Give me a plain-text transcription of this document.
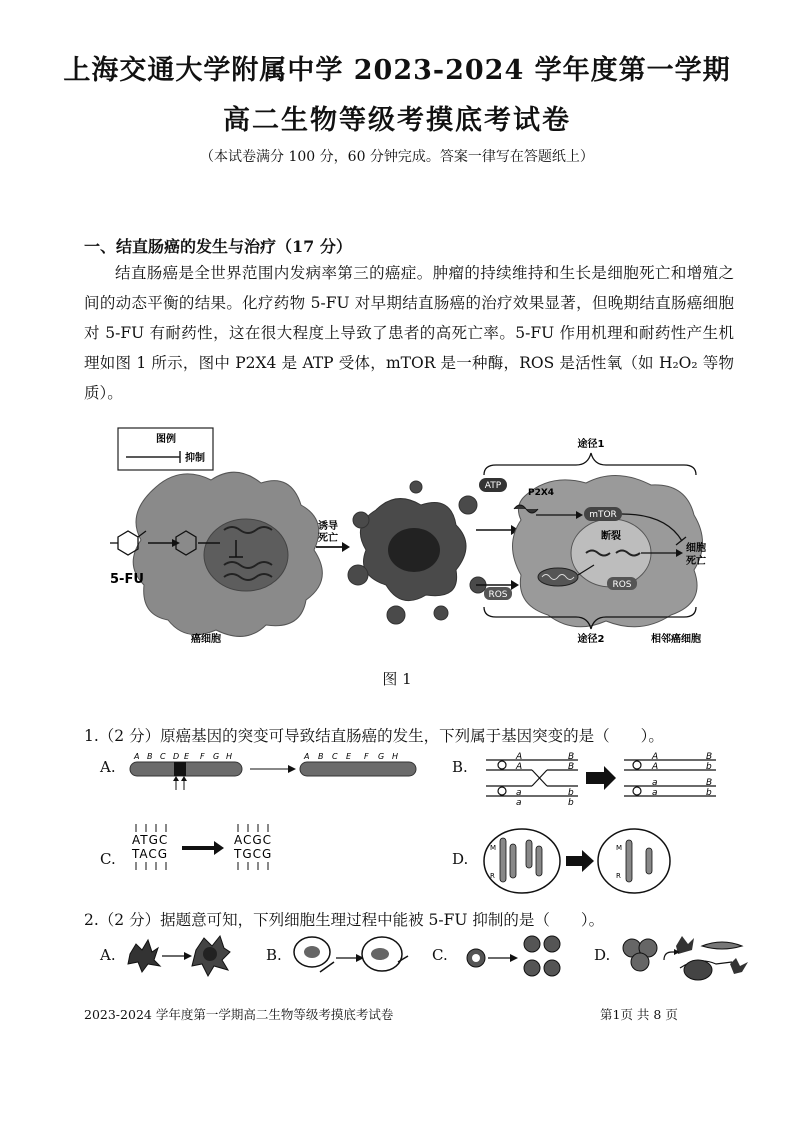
上海交通大学附属中学 2023-2024 学年度第一学期
高二生物等级考摸底考试卷
（本试卷满分 100 分，60 分钟完成。答案一律写在答题纸上）
一、结直肠癌的发生与治疗（17 分）

结直肠癌是全世界范围内发病率第三的癌症。肿瘤的持续维持和生长是细胞死亡和增殖之间的动态平衡的结果。化疗药物 5-FU 对早期结直肠癌的治疗效果显著，但晚期结直肠癌细胞对 5-FU 有耐药性，这在很大程度上导致了患者的高死亡率。5-FU 作用机理和耐药性产生机理如图 1 所示，图中 P2X4 是 ATP 受体，mTOR 是一种酶，ROS 是活性氧（如 H₂O₂ 等物质）。

图例
抑制
5-FU
癌细胞
诱导
死亡
途径1
ATP
P2X4
mTOR
断裂
细胞
死亡
ROS
ROS
途径2	相邻癌细胞
图 1
1.（2 分）原癌基因的突变可导致结直肠癌的发生，下列属于基因突变的是（　　）。
A.
A B C D E F G H	A B C E F G H
B.
A	B
A	B
a	b
a	b
A	B
A	b
a	B
a	b
C.
ATGC
TACG
ACGC
TGCG	D.
M
R
M
R
2.（2 分）据题意可知，下列细胞生理过程中能被 5-FU 抑制的是（　　）。
A.	B.	C.	D.
2023-2024 学年度第一学期高二生物等级考摸底考试卷	第1页 共 8 页
